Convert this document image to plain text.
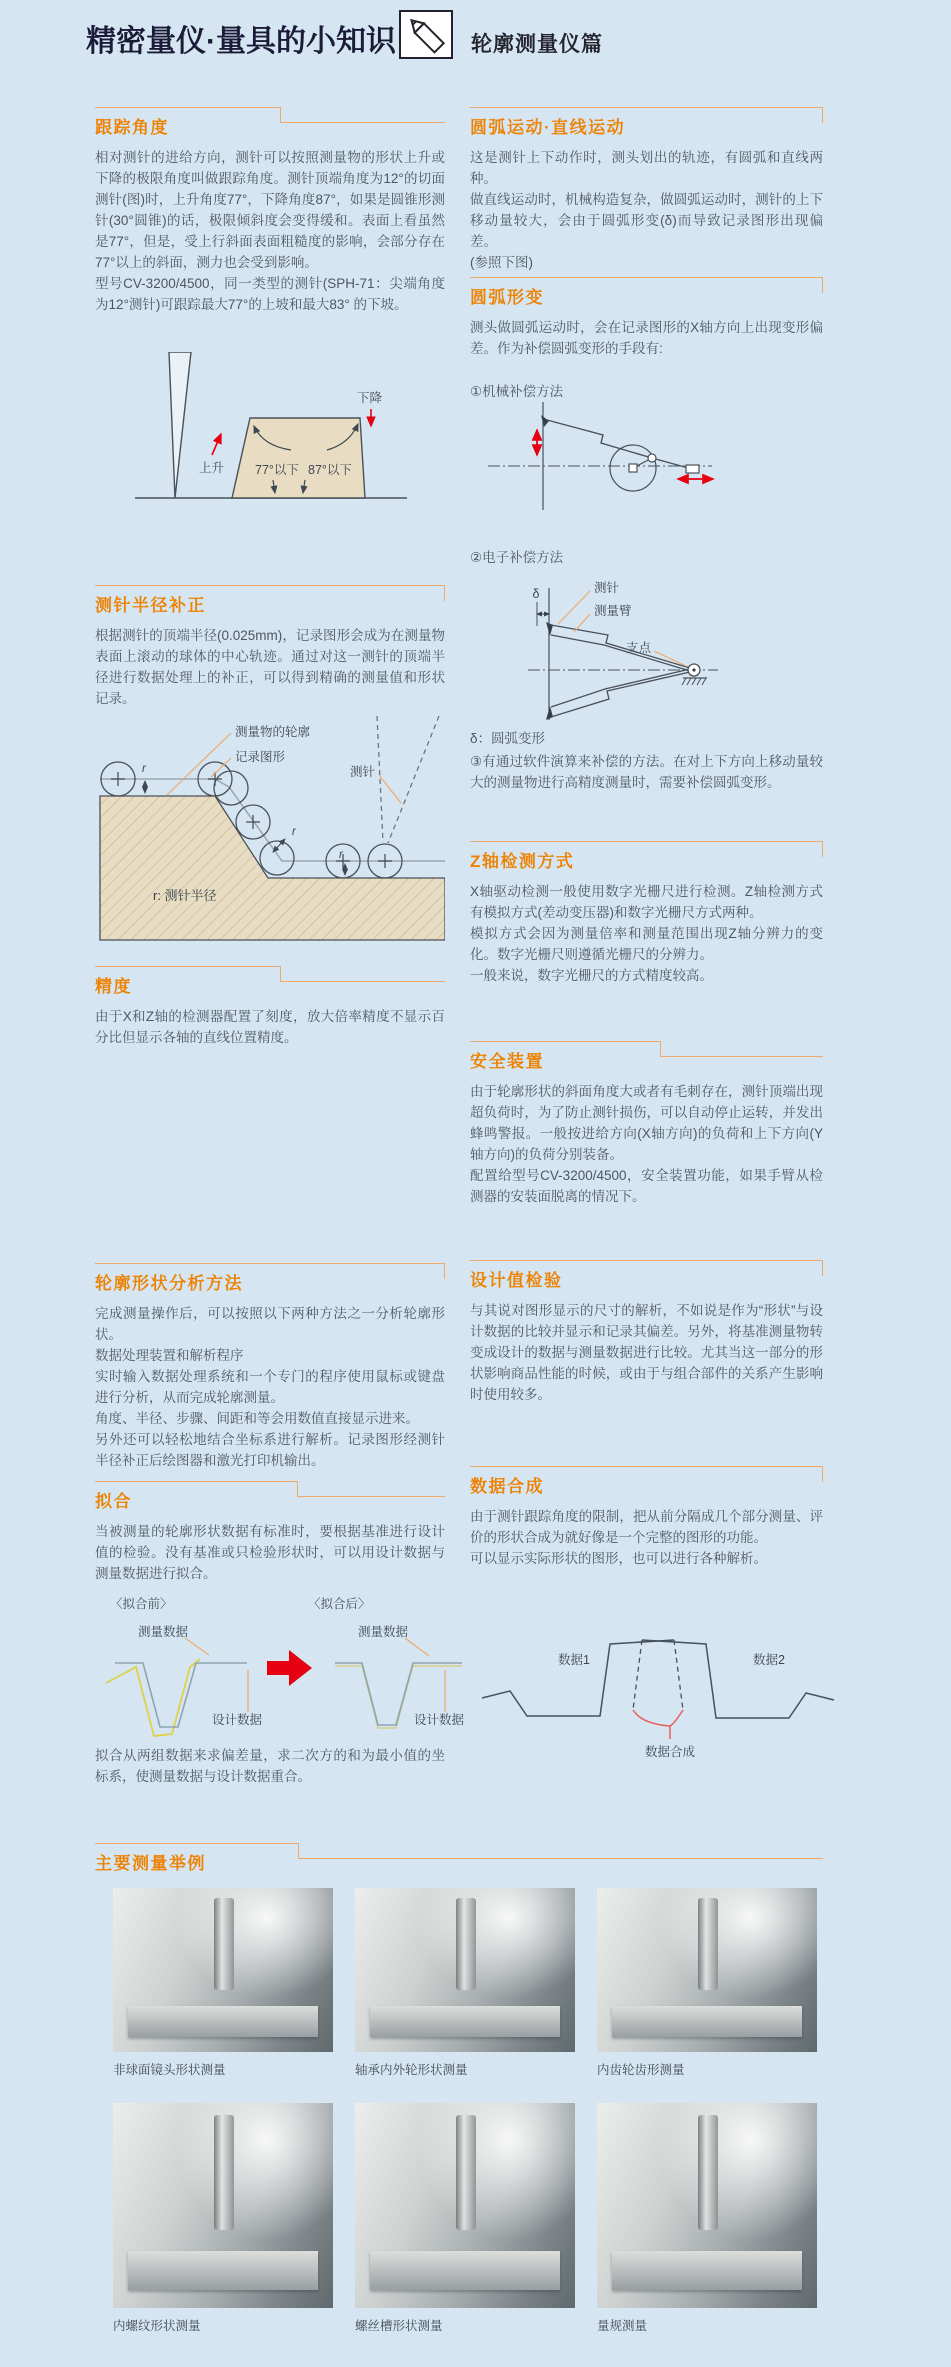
精密量仪·量具的小知识	轮廓测量仪篇
跟踪角度

相对测针的进给方向，测针可以按照测量物的形状上升或下降的极限角度叫做跟踪角度。测针顶端角度为12°的切面测针(图)时，上升角度77°，下降角度87°，如果是圆锥形测针(30°圆锥)的话，极限倾斜度会变得缓和。表面上看虽然是77°，但是，受上行斜面表面粗糙度的影响，会部分存在77°以上的斜面，测力也会受到影响。

型号CV-3200/4500，同一类型的测针(SPH-71：尖端角度为12°测针)可跟踪最大77°的上坡和最大83° 的下坡。

77°以下 87°以下
上升
下降
测针半径补正

根据测针的顶端半径(0.025mm)，记录图形会成为在测量物表面上滚动的球体的中心轨迹。通过对这一测针的顶端半径进行数据处理上的补正，可以得到精确的测量值和形状记录。

r
r
r
测量物的轮廓
记录图形
测针
r: 测针半径
精度

由于X和Z轴的检测器配置了刻度，放大倍率精度不显示百分比但显示各轴的直线位置精度。

轮廓形状分析方法

完成测量操作后，可以按照以下两种方法之一分析轮廓形状。

数据处理装置和解析程序

实时输入数据处理系统和一个专门的程序使用鼠标或键盘进行分析，从而完成轮廓测量。

角度、半径、步骤、间距和等会用数值直接显示进来。

另外还可以轻松地结合坐标系进行解析。记录图形经测针半径补正后绘图器和激光打印机输出。

拟合

当被测量的轮廓形状数据有标准时，要根据基准进行设计值的检验。没有基准或只检验形状时，可以用设计数据与测量数据进行拟合。

〈拟合前〉	〈拟合后〉
测量数据
设计数据
测量数据
设计数据
拟合从两组数据来求偏差量，求二次方的和为最小值的坐标系，使测量数据与设计数据重合。
圆弧运动·直线运动

这是测针上下动作时，测头划出的轨迹，有圆弧和直线两种。

做直线运动时，机械构造复杂，做圆弧运动时，测针的上下移动量较大，会由于圆弧形变(δ)而导致记录图形出现偏差。

(参照下图)

圆弧形变

测头做圆弧运动时，会在记录图形的X轴方向上出现变形偏差。作为补偿圆弧变形的手段有:

①机械补偿方法

②电子补偿方法
δ	测针
测量臂
支点
δ：圆弧变形
③有通过软件演算来补偿的方法。在对上下方向上移动量较大的测量物进行高精度测量时，需要补偿圆弧变形。
Z轴检测方式

X轴驱动检测一般使用数字光栅尺进行检测。Z轴检测方式有模拟方式(差动变压器)和数字光栅尺方式两种。

模拟方式会因为测量倍率和测量范围出现Z轴分辨力的变化。数字光栅尺则遵循光栅尺的分辨力。

一般来说，数字光栅尺的方式精度较高。

安全装置

由于轮廓形状的斜面角度大或者有毛刺存在，测针顶端出现超负荷时，为了防止测针损伤，可以自动停止运转，并发出蜂鸣警报。一般按进给方向(X轴方向)的负荷和上下方向(Y轴方向)的负荷分别装备。

配置给型号CV-3200/4500，安全装置功能，如果手臂从检测器的安装面脱离的情况下。

设计值检验

与其说对图形显示的尺寸的解析，不如说是作为“形状”与设计数据的比较并显示和记录其偏差。另外，将基准测量物转变成设计的数据与测量数据进行比较。尤其当这一部分的形状影响商品性能的时候，或由于与组合部件的关系产生影响时使用较多。

数据合成

由于测针跟踪角度的限制，把从前分隔成几个部分测量、评价的形状合成为就好像是一个完整的图形的功能。

可以显示实际形状的图形，也可以进行各种解析。

数据1	数据2
数据合成
主要测量举例

非球面镜头形状测量	轴承内外轮形状测量	内齿轮齿形测量

内螺纹形状测量	螺丝槽形状测量	量规测量
